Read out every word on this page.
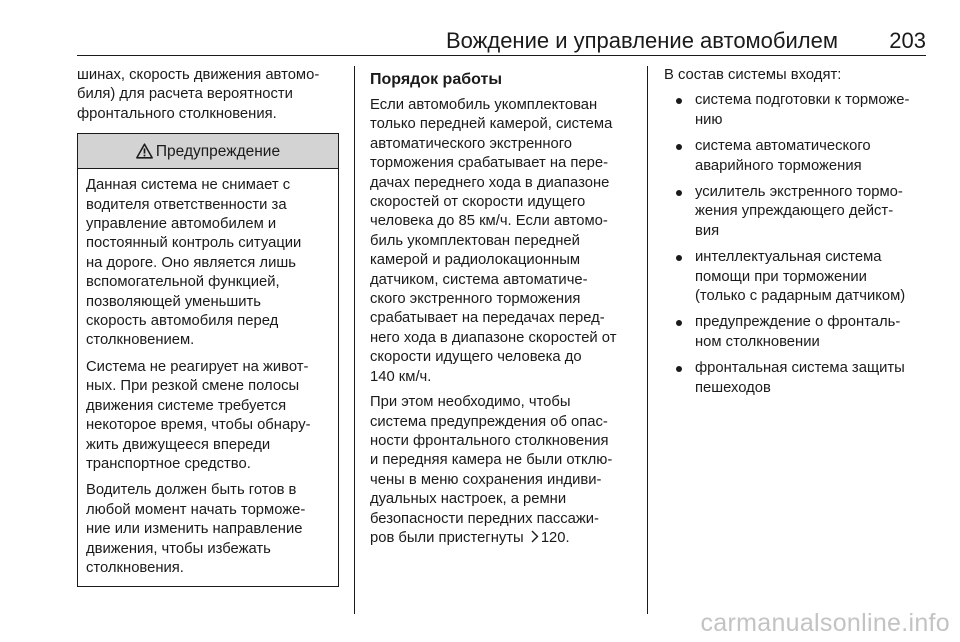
Вождение и управление автомобилем 203
шинах, скорость движения автомо-
биля) для расчета вероятности
фронтального столкновения.
Предупреждение

Данная система не снимает с
водителя ответственности за
управление автомобилем и
постоянный контроль ситуации
на дороге. Оно является лишь
вспомогательной функцией,
позволяющей уменьшить
скорость автомобиля перед
столкновением.

Система не реагирует на живот-
ных. При резкой смене полосы
движения системе требуется
некоторое время, чтобы обнару-
жить движущееся впереди
транспортное средство.

Водитель должен быть готов в
любой момент начать торможе-
ние или изменить направление
движения, чтобы избежать
столкновения.

Порядок работы
Если автомобиль укомплектован
только передней камерой, система
автоматического экстренного
торможения срабатывает на пере-
дачах переднего хода в диапазоне
скоростей от скорости идущего
человека до 85 км/ч. Если автомо-
биль укомплектован передней
камерой и радиолокационным
датчиком, система автоматиче-
ского экстренного торможения
срабатывает на передачах перед-
него хода в диапазоне скоростей от
скорости идущего человека до
140 км/ч.
При этом необходимо, чтобы
система предупреждения об опас-
ности фронтального столкновения
и передняя камера не были отклю-
чены в меню сохранения индиви-
дуальных настроек, а ремни
безопасности передних пассажи-
ров были пристегнуты 120.
В состав системы входят:
система подготовки к торможе-
нию
система автоматического
аварийного торможения
усилитель экстренного тормо-
жения упреждающего дейст-
вия
интеллектуальная система
помощи при торможении
(только с радарным датчиком)
предупреждение о фронталь-
ном столкновении
фронтальная система защиты
пешеходов
carmanualsonline.info
